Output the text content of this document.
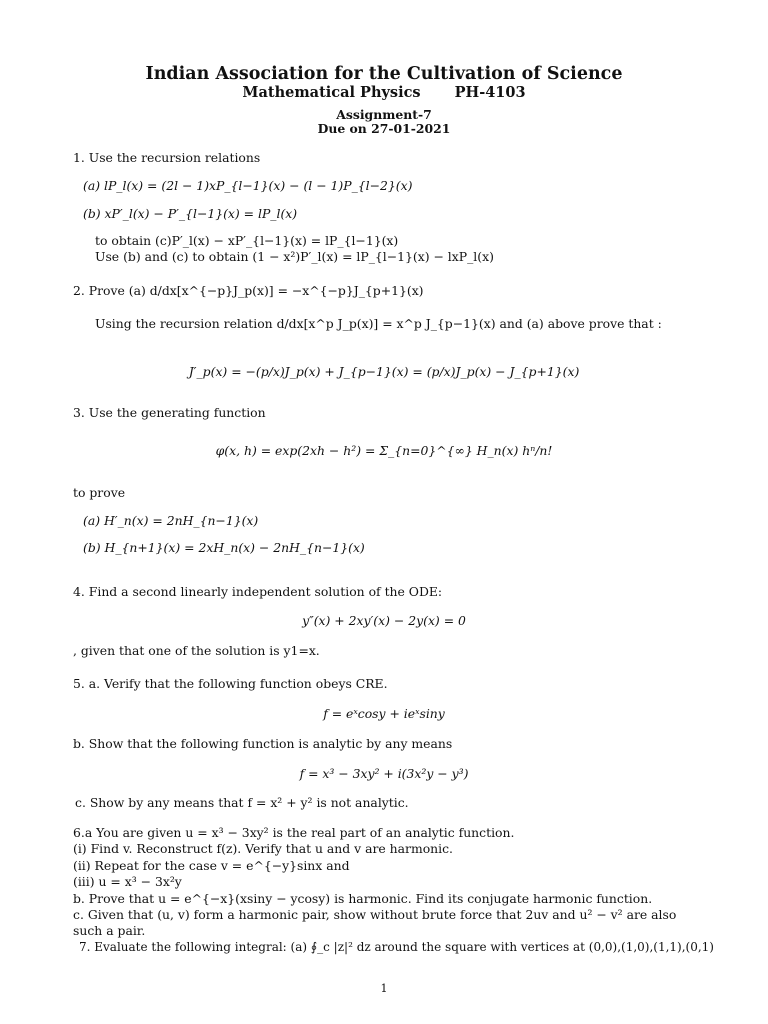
Indian Association for the Cultivation of Science
Mathematical Physics PH-4103
Assignment-7
Due on 27-01-2021
1. Use the recursion relations
(a) lP_l(x) = (2l − 1)xP_{l−1}(x) − (l − 1)P_{l−2}(x)
(b) xP′_l(x) − P′_{l−1}(x) = lP_l(x)
to obtain (c)P′_l(x) − xP′_{l−1}(x) = lP_{l−1}(x)
Use (b) and (c) to obtain (1 − x²)P′_l(x) = lP_{l−1}(x) − lxP_l(x)
2. Prove (a) d/dx[x^{−p}J_p(x)] = −x^{−p}J_{p+1}(x)
Using the recursion relation d/dx[x^p J_p(x)] = x^p J_{p−1}(x) and (a) above prove that :
J′_p(x) = −(p/x)J_p(x) + J_{p−1}(x) = (p/x)J_p(x) − J_{p+1}(x)
3. Use the generating function
φ(x, h) = exp(2xh − h²) = Σ_{n=0}^{∞} H_n(x) hⁿ/n!
to prove
(a) H′_n(x) = 2nH_{n−1}(x)
(b) H_{n+1}(x) = 2xH_n(x) − 2nH_{n−1}(x)
4. Find a second linearly independent solution of the ODE:
y″(x) + 2xy′(x) − 2y(x) = 0
, given that one of the solution is y1=x.
5. a. Verify that the following function obeys CRE.
f = eˣcosy + ieˣsiny
b. Show that the following function is analytic by any means
f = x³ − 3xy² + i(3x²y − y³)
c. Show by any means that f = x² + y² is not analytic.
6.a You are given u = x³ − 3xy² is the real part of an analytic function.
(i) Find v. Reconstruct f(z). Verify that u and v are harmonic.
(ii) Repeat for the case v = e^{−y}sinx and
(iii) u = x³ − 3x²y
b. Prove that u = e^{−x}(xsiny − ycosy) is harmonic. Find its conjugate harmonic function.
c. Given that (u, v) form a harmonic pair, show without brute force that 2uv and u² − v² are also
such a pair.
7. Evaluate the following integral: (a) ∮_c |z|² dz around the square with vertices at (0,0),(1,0),(1,1),(0,1)
1
